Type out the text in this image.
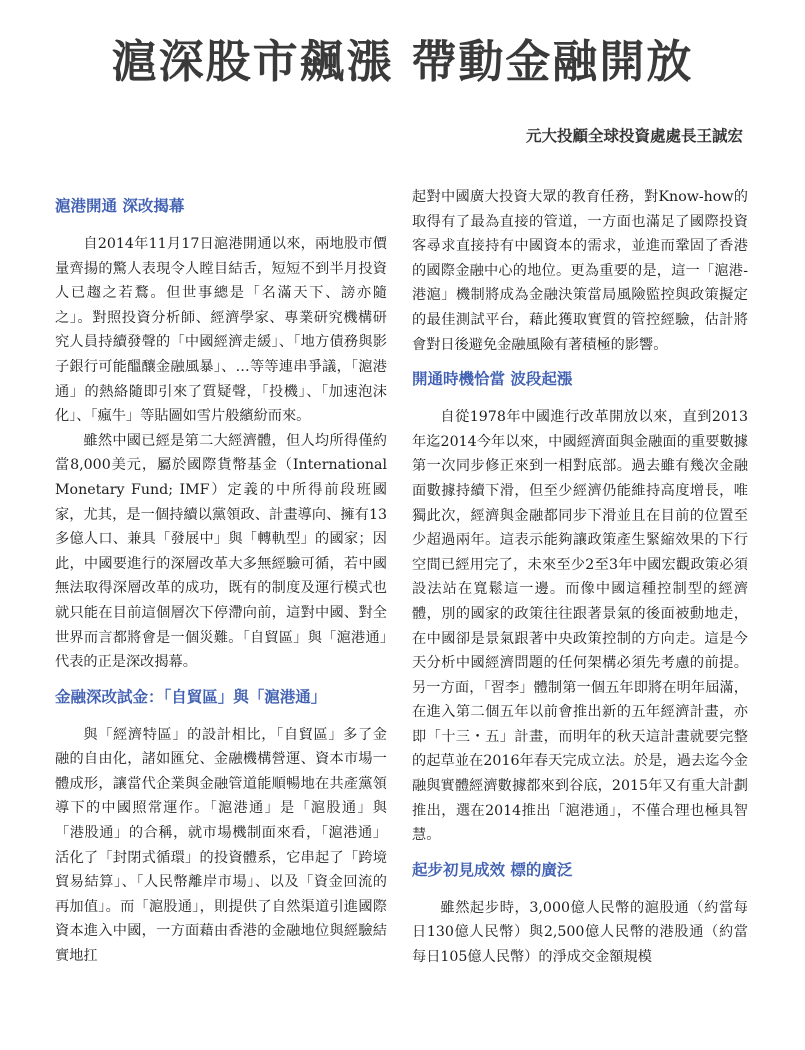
滬深股市飆漲 帶動金融開放

元大投顧全球投資處處長王誠宏

滬港開通 深改揭幕

自2014年11月17日滬港開通以來，兩地股市價量齊揚的驚人表現令人瞠目結舌，短短不到半月投資人已趨之若鶩。但世事總是「名滿天下、謗亦隨之」。對照投資分析師、經濟學家、專業研究機構研究人員持續發聲的「中國經濟走緩」、「地方債務與影子銀行可能醞釀金融風暴」、…等等連串爭議，「滬港通」的熱絡隨即引來了質疑聲，「投機」、「加速泡沫化」、「瘋牛」等貼圖如雪片般繽紛而來。

雖然中國已經是第二大經濟體，但人均所得僅約當8,000美元，屬於國際貨幣基金（International Monetary Fund; IMF）定義的中所得前段班國家，尤其，是一個持續以黨領政、計畫導向、擁有13多億人口、兼具「發展中」與「轉軌型」的國家；因此，中國要進行的深層改革大多無經驗可循，若中國無法取得深層改革的成功，既有的制度及運行模式也就只能在目前這個層次下停滯向前，這對中國、對全世界而言都將會是一個災難。「自貿區」與「滬港通」代表的正是深改揭幕。

金融深改試金：「自貿區」與「滬港通」

與「經濟特區」的設計相比，「自貿區」多了金融的自由化，諸如匯兌、金融機構營運、資本市場一體成形，讓當代企業與金融管道能順暢地在共產黨領導下的中國照常運作。「滬港通」是「滬股通」與「港股通」的合稱，就市場機制面來看，「滬港通」活化了「封閉式循環」的投資體系，它串起了「跨境貿易結算」、「人民幣離岸市場」、以及「資金回流的再加值」。而「滬股通」，則提供了自然渠道引進國際資本進入中國，一方面藉由香港的金融地位與經驗結實地扛

起對中國廣大投資大眾的教育任務，對Know-how的取得有了最為直接的管道，一方面也滿足了國際投資客尋求直接持有中國資本的需求，並進而鞏固了香港的國際金融中心的地位。更為重要的是，這一「滬港-港滬」機制將成為金融決策當局風險監控與政策擬定的最佳測試平台，藉此獲取實質的管控經驗，估計將會對日後避免金融風險有著積極的影響。

開通時機恰當 波段起漲

自從1978年中國進行改革開放以來，直到2013年迄2014今年以來，中國經濟面與金融面的重要數據第一次同步修正來到一相對底部。過去雖有幾次金融面數據持續下滑，但至少經濟仍能維持高度增長，唯獨此次，經濟與金融都同步下滑並且在目前的位置至少超過兩年。這表示能夠讓政策產生緊縮效果的下行空間已經用完了，未來至少2至3年中國宏觀政策必須設法站在寬鬆這一邊。而像中國這種控制型的經濟體，別的國家的政策往往跟著景氣的後面被動地走，在中國卻是景氣跟著中央政策控制的方向走。這是今天分析中國經濟問題的任何架構必須先考慮的前提。另一方面，「習李」體制第一個五年即將在明年屆滿，在進入第二個五年以前會推出新的五年經濟計畫，亦即「十三・五」計畫，而明年的秋天這計畫就要完整的起草並在2016年春天完成立法。於是，過去迄今金融與實體經濟數據都來到谷底，2015年又有重大計劃推出，選在2014推出「滬港通」，不僅合理也極具智慧。

起步初見成效 標的廣泛

雖然起步時，3,000億人民幣的滬股通（約當每日130億人民幣）與2,500億人民幣的港股通（約當每日105億人民幣）的淨成交金額規模
